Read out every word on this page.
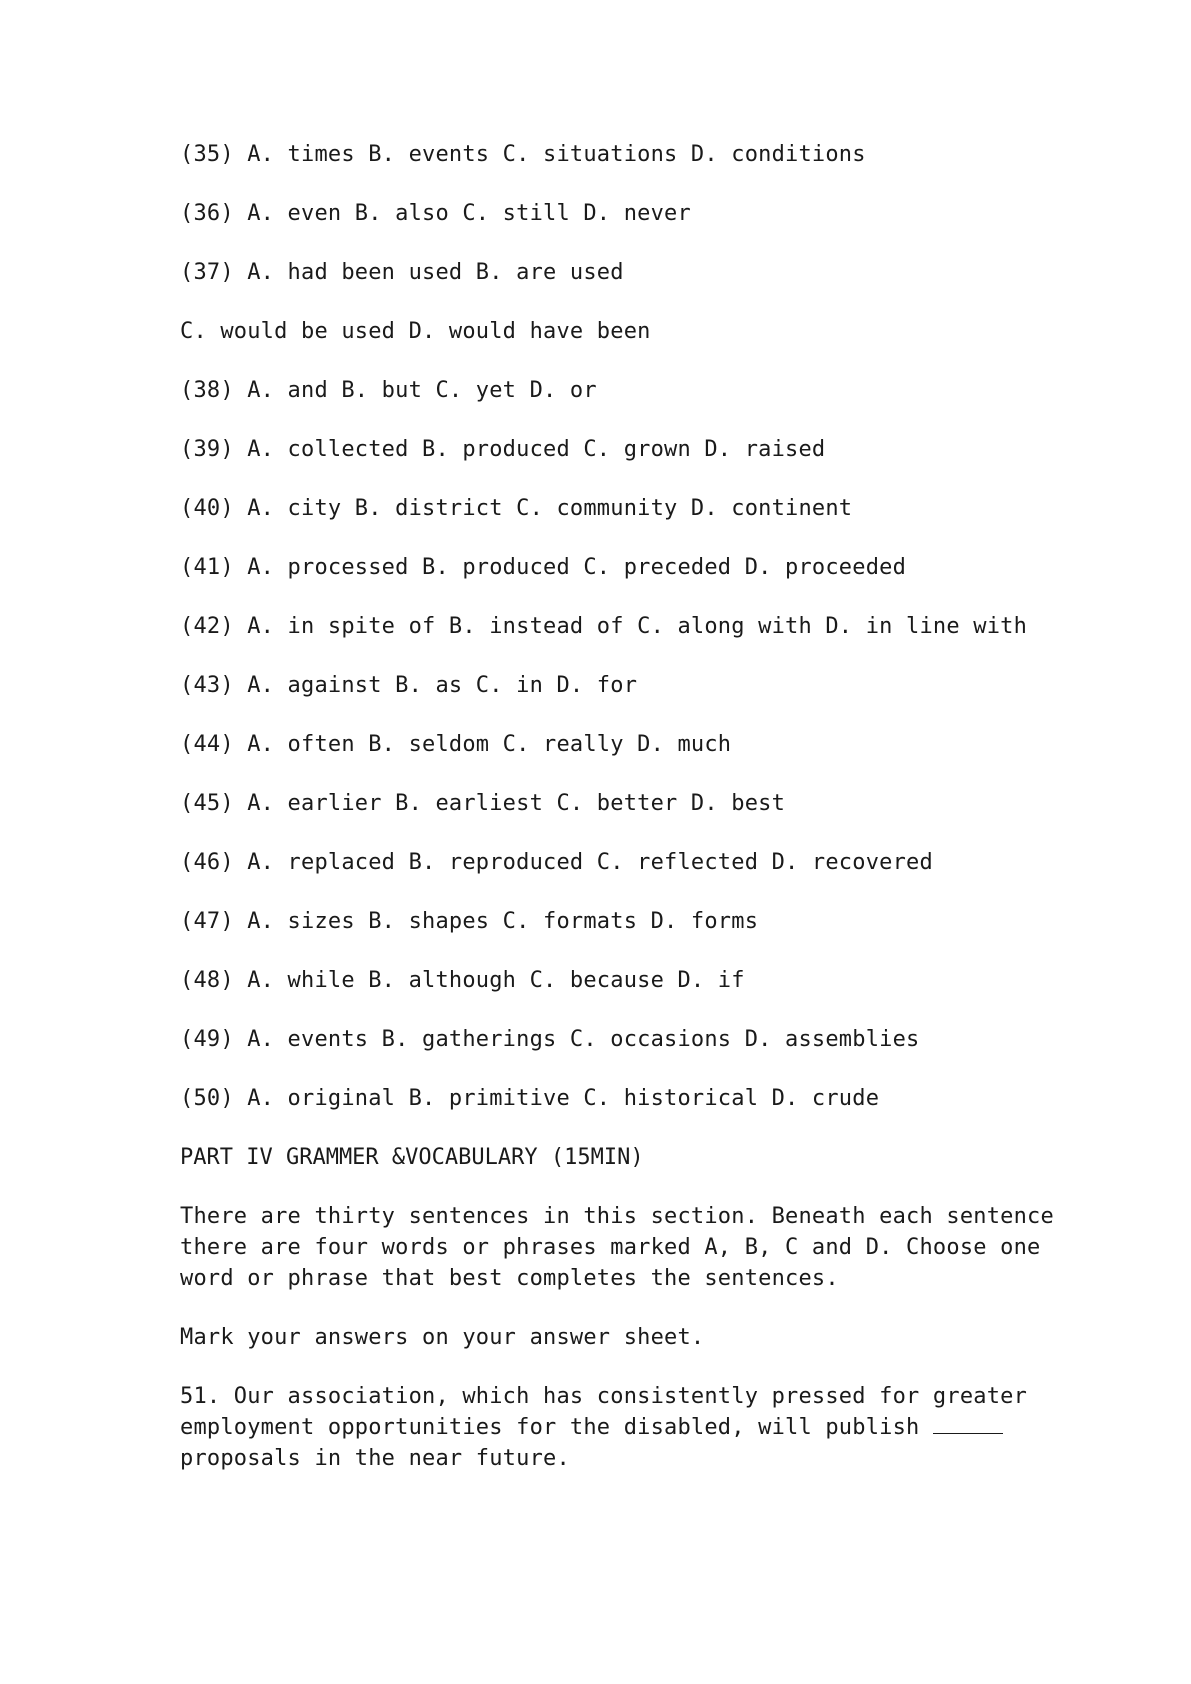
(35) A. times B. events C. situations D. conditions
(36) A. even B. also C. still D. never
(37) A. had been used B. are used
C. would be used D. would have been
(38) A. and B. but C. yet D. or
(39) A. collected B. produced C. grown D. raised
(40) A. city B. district C. community D. continent
(41) A. processed B. produced C. preceded D. proceeded
(42) A. in spite of B. instead of C. along with D. in line with
(43) A. against B. as C. in D. for
(44) A. often B. seldom C. really D. much
(45) A. earlier B. earliest C. better D. best
(46) A. replaced B. reproduced C. reflected D. recovered
(47) A. sizes B. shapes C. formats D. forms
(48) A. while B. although C. because D. if
(49) A. events B. gatherings C. occasions D. assemblies
(50) A. original B. primitive C. historical D. crude
PART IV GRAMMER &VOCABULARY (15MIN)
There are thirty sentences in this section. Beneath each sentence there are four words or phrases marked A, B, C and D. Choose one word or phrase that best completes the sentences.
Mark your answers on your answer sheet.
51. Our association, which has consistently pressed for greater employment opportunities for the disabled, will publish  proposals in the near future.
